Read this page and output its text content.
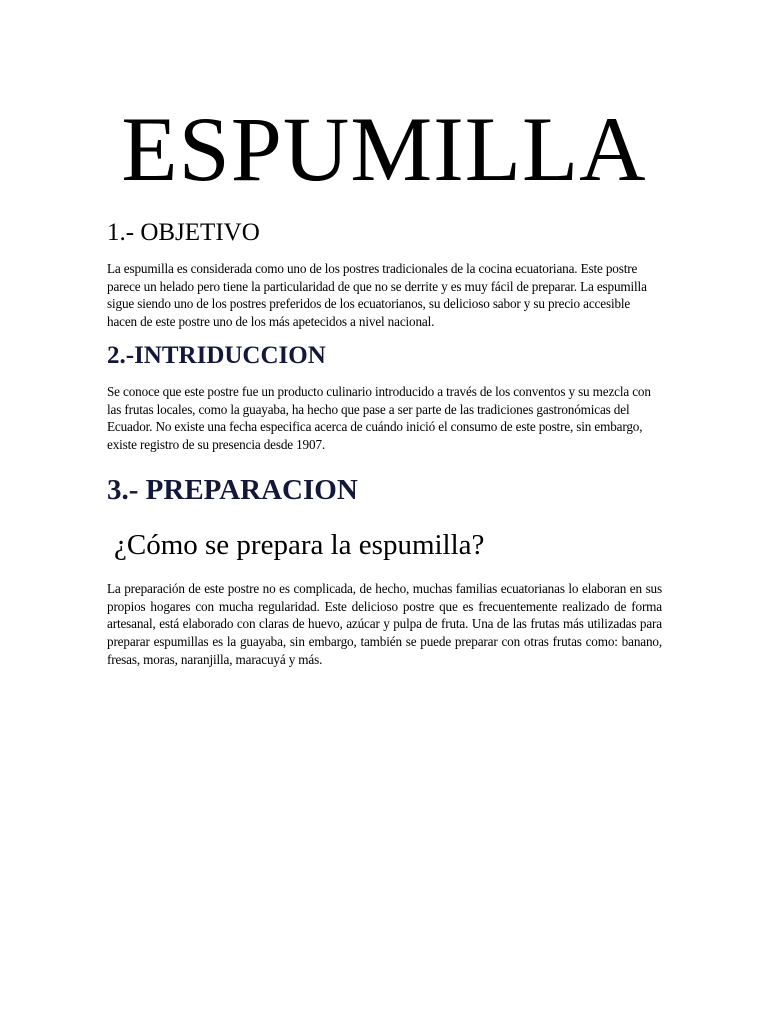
ESPUMILLA
1.- OBJETIVO

La espumilla es considerada como uno de los postres tradicionales de la cocina ecuatoriana. Este postre parece un helado pero tiene la particularidad de que no se derrite y es muy fácil de preparar. La espumilla sigue siendo uno de los postres preferidos de los ecuatorianos, su delicioso sabor y su precio accesible hacen de este postre uno de los más apetecidos a nivel nacional.

2.-INTRIDUCCION

Se conoce que este postre fue un producto culinario introducido a través de los conventos y su mezcla con las frutas locales, como la guayaba, ha hecho que pase a ser parte de las tradiciones gastronómicas del Ecuador. No existe una fecha especifica acerca de cuándo inició el consumo de este postre, sin embargo, existe registro de su presencia desde 1907.

3.- PREPARACION
¿Cómo se prepara la espumilla?

La preparación de este postre no es complicada, de hecho, muchas familias ecuatorianas lo elaboran en sus propios hogares con mucha regularidad. Este delicioso postre que es frecuentemente realizado de forma artesanal, está elaborado con claras de huevo, azúcar y pulpa de fruta. Una de las frutas más utilizadas para preparar espumillas es la guayaba, sin embargo, también se puede preparar con otras frutas como: banano, fresas, moras, naranjilla, maracuyá y más.
